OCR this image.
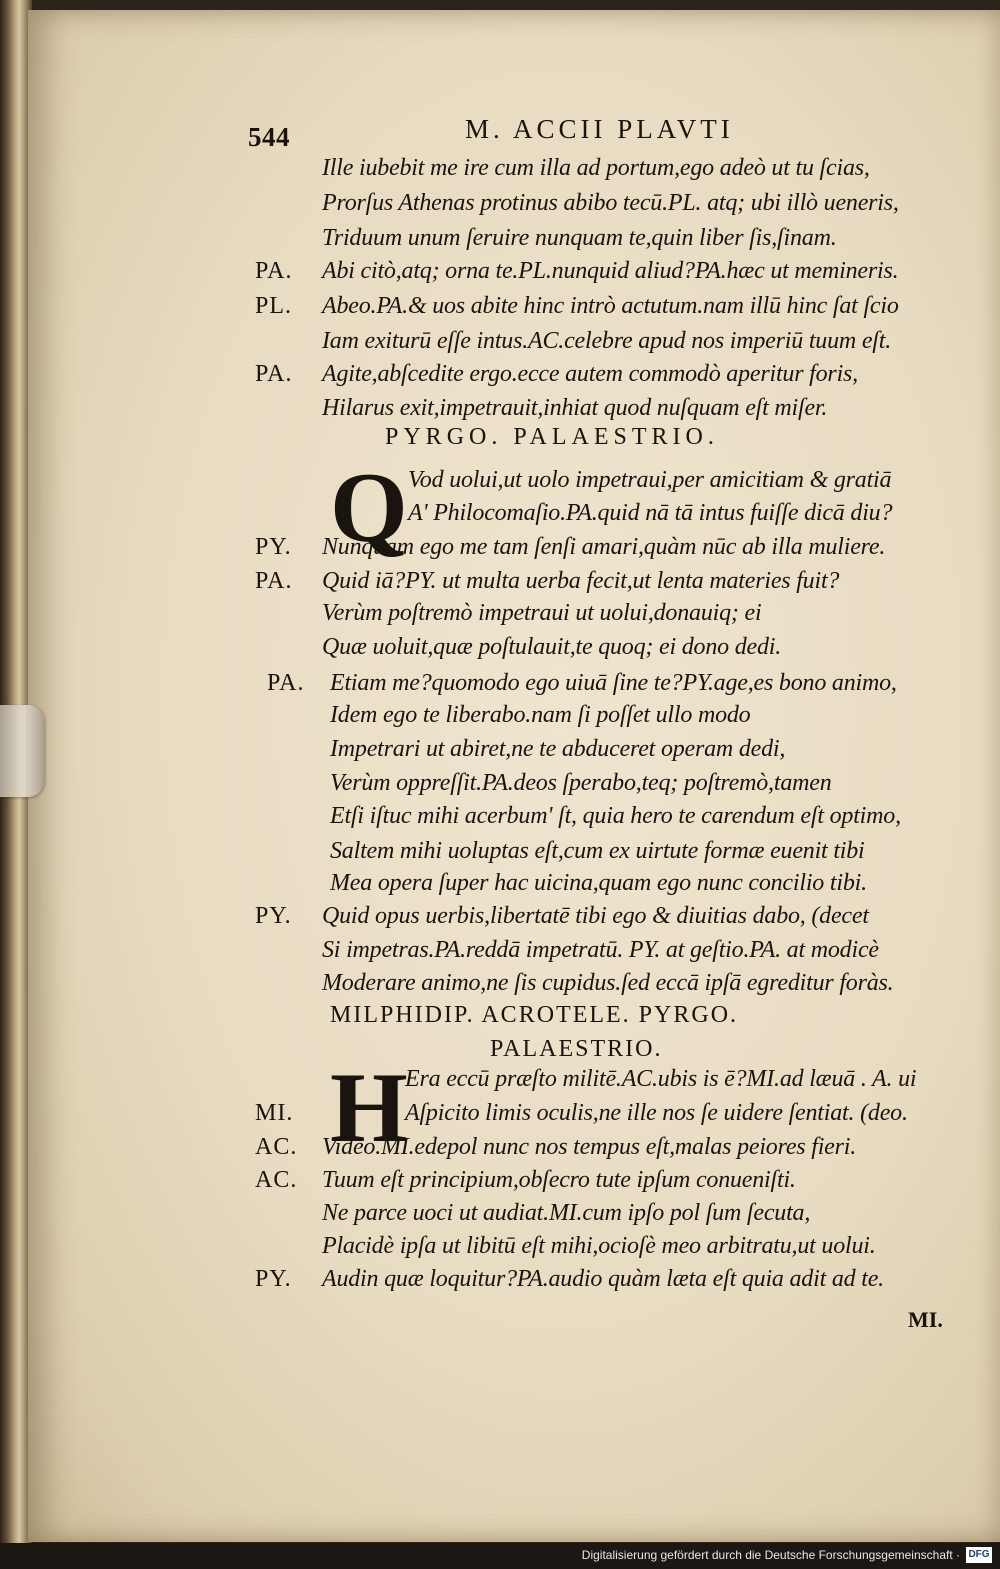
544	M. ACCII PLAVTI
Ille iubebit me ire cum illa ad portum,ego adeò ut tu ſcias,
Prorſus Athenas protinus abibo tecū.PL. atq; ubi illò ueneris,
Triduum unum ſeruire nunquam te,quin liber ſis,ſinam.
PA. Abi citò,atq; orna te.PL.nunquid aliud?PA.hæc ut memineris.
PL. Abeo.PA.& uos abite hinc intrò actutum.nam illū hinc ſat ſcio
Iam exiturū eſſe intus.AC.celebre apud nos imperiū tuum eſt.
PA. Agite,abſcedite ergo.ecce autem commodò aperitur foris,
Hilarus exit,impetrauit,inhiat quod nuſquam eſt miſer.
PYRGO. PALAESTRIO.
Q Vod uolui,ut uolo impetraui,per amicitiam & gratiā
A' Philocomaſio.PA.quid nā tā intus fuiſſe dicā diu?
PY. Nunquam ego me tam ſenſi amari,quàm nūc ab illa muliere.
PA. Quid iā?PY. ut multa uerba fecit,ut lenta materies fuit?
Verùm poſtremò impetraui ut uolui,donauiq; ei
Quæ uoluit,quæ poſtulauit,te quoq; ei dono dedi.
PA. Etiam me?quomodo ego uiuā ſine te?PY.age,es bono animo,
Idem ego te liberabo.nam ſi poſſet ullo modo
Impetrari ut abiret,ne te abduceret operam dedi,
Verùm oppreſſit.PA.deos ſperabo,teq; poſtremò,tamen
Etſi iſtuc mihi acerbum' ſt, quia hero te carendum eſt optimo,
Saltem mihi uoluptas eſt,cum ex uirtute formæ euenit tibi
Mea opera ſuper hac uicina,quam ego nunc concilio tibi.
PY. Quid opus uerbis,libertatē tibi ego & diuitias dabo, (decet
Si impetras.PA.reddā impetratū. PY. at geſtio.PA. at modicè
Moderare animo,ne ſis cupidus.ſed eccā ipſā egreditur foràs.
MILPHIDIP. ACROTELE. PYRGO.
PALAESTRIO.
H
Era eccū præſto militē.AC.ubis is ē?MI.ad læuā . A. ui
MI.	Aſpicito limis oculis,ne ille nos ſe uidere ſentiat. (deo.
AC. Video.MI.edepol nunc nos tempus eſt,malas peiores fieri.
AC. Tuum eſt principium,obſecro tute ipſum conueniſti.
Ne parce uoci ut audiat.MI.cum ipſo pol ſum ſecuta,
Placidè ipſa ut libitū eſt mihi,ocioſè meo arbitratu,ut uolui.
PY. Audin quæ loquitur?PA.audio quàm læta eſt quia adit ad te.
MI.
Digitalisierung gefördert durch die Deutsche Forschungsgemeinschaft · DFG
